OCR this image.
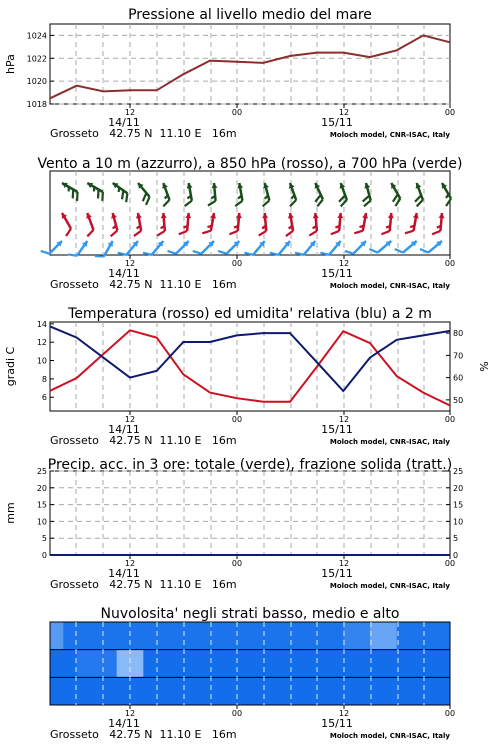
Pressione al livello medio del mare
12	00	12	00
14/11	15/11
Grosseto   42.75 N  11.10 E   16m	Moloch model, CNR-ISAC, Italy
1018
1020
1022
1024
hPa
Vento a 10 m (azzurro), a 850 hPa (rosso), a 700 hPa (verde)
12	00	12	00
14/11	15/11
Grosseto   42.75 N  11.10 E   16m	Moloch model, CNR-ISAC, Italy
Temperatura (rosso) ed umidita' relativa (blu) a 2 m
12	00	12	00
14/11	15/11
Grosseto   42.75 N  11.10 E   16m	Moloch model, CNR-ISAC, Italy
6
8
10
12
14
50
60
70
80
gradi C	%
Precip. acc. in 3 ore: totale (verde), frazione solida (tratt.)
12	00	12	00
14/11	15/11
Grosseto   42.75 N  11.10 E   16m	Moloch model, CNR-ISAC, Italy
0
5
10
15
20
25
0
5
10
15
20
25
mm
Nuvolosita' negli strati basso, medio e alto
12	00	12	00
14/11	15/11
Grosseto   42.75 N  11.10 E   16m	Moloch model, CNR-ISAC, Italy
